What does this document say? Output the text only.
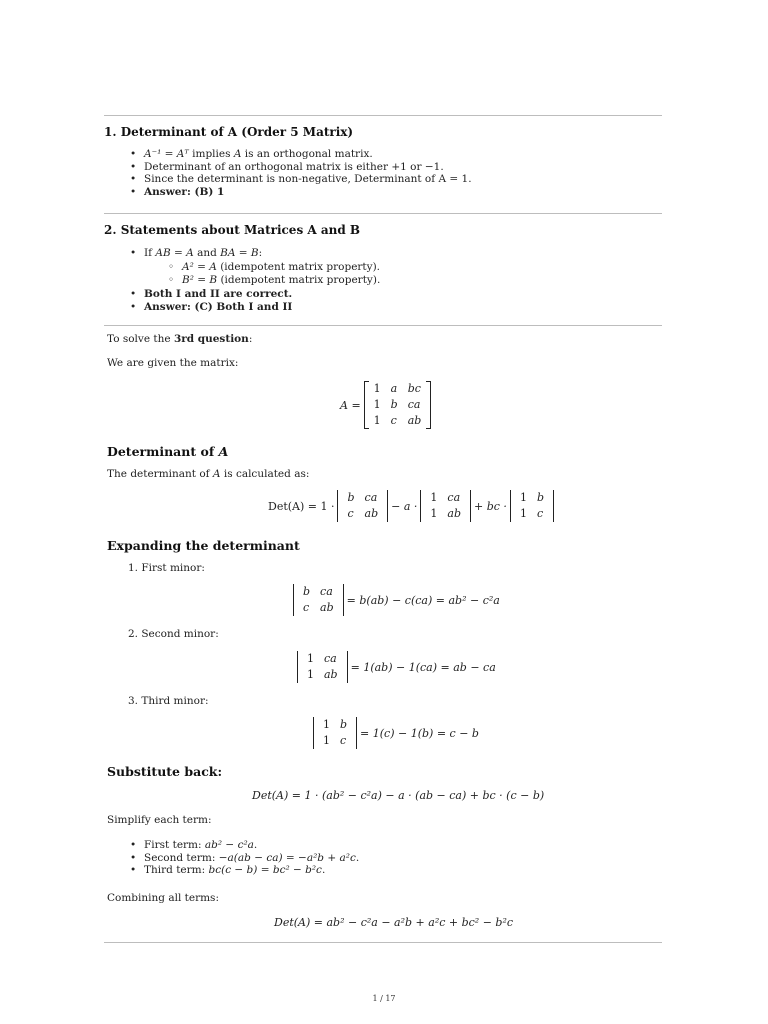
1. Determinant of A (Order 5 Matrix)
• A⁻¹ = Aᵀ implies A is an orthogonal matrix.
• Determinant of an orthogonal matrix is either +1 or −1.
• Since the determinant is non-negative, Determinant of A = 1.
• Answer: (B) 1
2. Statements about Matrices A and B
• If AB = A and BA = B:
◦ A² = A (idempotent matrix property).
◦ B² = B (idempotent matrix property).
• Both I and II are correct.
• Answer: (C) Both I and II

To solve the 3rd question:

We are given the matrix:

A =
1 a bc
1 b ca
1 c ab
Determinant of A

The determinant of A is calculated as:

Det(A) = 1 ·
b ca
c ab
− a ·
1 ca
1 ab
+ bc ·
1 b
1 c
Expanding the determinant

1. First minor:

b ca
c ab
= b(ab) − c(ca) = ab² − c²a

2. Second minor:

1 ca
1 ab
= 1(ab) − 1(ca) = ab − ca

3. Third minor:

1 b
1 c
= 1(c) − 1(b) = c − b
Substitute back:
Det(A) = 1 · (ab² − c²a) − a · (ab − ca) + bc · (c − b)

Simplify each term:

• First term: ab² − c²a.
• Second term: −a(ab − ca) = −a²b + a²c.
• Third term: bc(c − b) = bc² − b²c.

Combining all terms:

Det(A) = ab² − c²a − a²b + a²c + bc² − b²c
1 / 17
